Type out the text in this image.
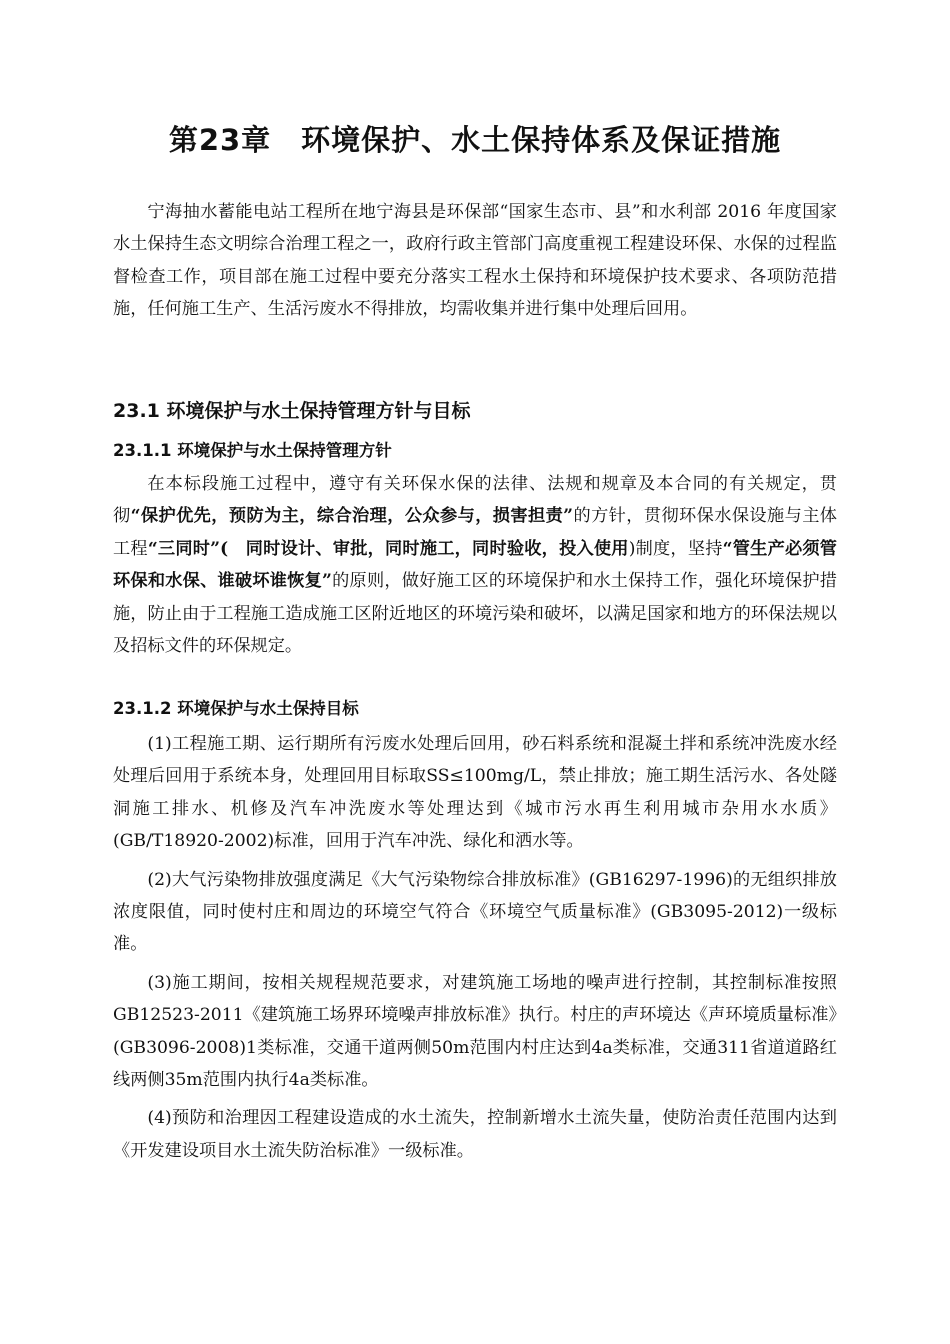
第23章　环境保护、水土保持体系及保证措施

宁海抽水蓄能电站工程所在地宁海县是环保部“国家生态市、县”和水利部 2016 年度国家水土保持生态文明综合治理工程之一，政府行政主管部门高度重视工程建设环保、水保的过程监督检查工作，项目部在施工过程中要充分落实工程水土保持和环境保护技术要求、各项防范措施，任何施工生产、生活污废水不得排放，均需收集并进行集中处理后回用。

23.1 环境保护与水土保持管理方针与目标
23.1.1 环境保护与水土保持管理方针

在本标段施工过程中，遵守有关环保水保的法律、法规和规章及本合同的有关规定，贯彻“保护优先，预防为主，综合治理，公众参与，损害担责”的方针，贯彻环保水保设施与主体工程“三同时”(　同时设计、审批，同时施工，同时验收，投入使用)制度，坚持“管生产必须管环保和水保、谁破坏谁恢复”的原则，做好施工区的环境保护和水土保持工作，强化环境保护措施，防止由于工程施工造成施工区附近地区的环境污染和破坏，以满足国家和地方的环保法规以及招标文件的环保规定。

23.1.2 环境保护与水土保持目标

(1)工程施工期、运行期所有污废水处理后回用，砂石料系统和混凝土拌和系统冲洗废水经处理后回用于系统本身，处理回用目标取SS≤100mg/L，禁止排放；施工期生活污水、各处隧洞施工排水、机修及汽车冲洗废水等处理达到《城市污水再生利用城市杂用水水质》(GB/T18920-2002)标准，回用于汽车冲洗、绿化和洒水等。

(2)大气污染物排放强度满足《大气污染物综合排放标准》(GB16297-1996)的无组织排放浓度限值，同时使村庄和周边的环境空气符合《环境空气质量标准》(GB3095-2012)一级标准。

(3)施工期间，按相关规程规范要求，对建筑施工场地的噪声进行控制，其控制标准按照GB12523-2011《建筑施工场界环境噪声排放标准》执行。村庄的声环境达《声环境质量标准》(GB3096-2008)1类标准，交通干道两侧50m范围内村庄达到4a类标准，交通311省道道路红线两侧35m范围内执行4a类标准。

(4)预防和治理因工程建设造成的水土流失，控制新增水土流失量，使防治责任范围内达到《开发建设项目水土流失防治标准》一级标准。
